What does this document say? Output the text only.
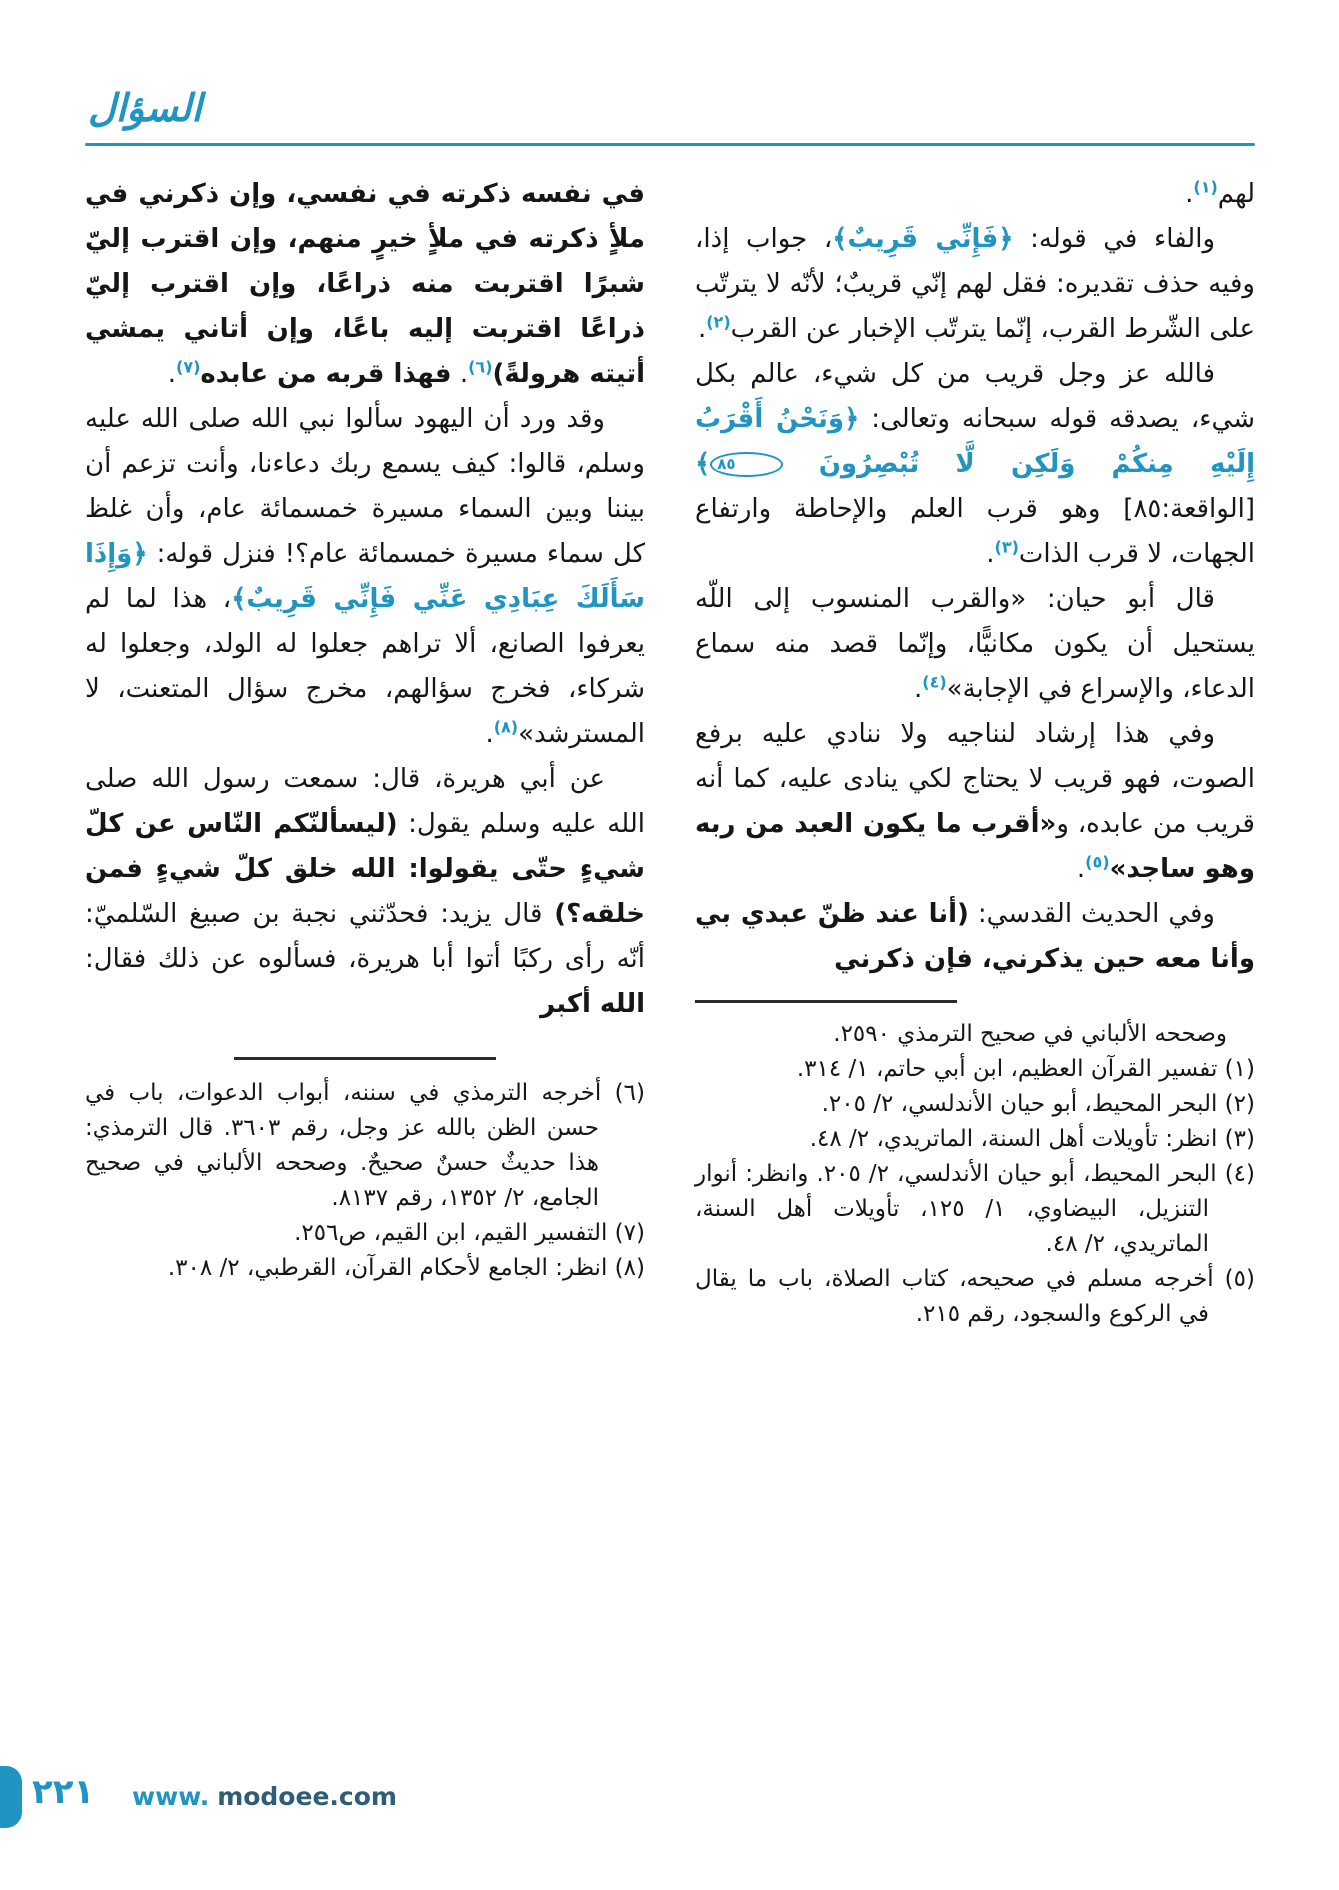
السؤال

لهم$^{(١)}$.

والفاء في قوله: ﴿فَإِنِّي قَرِيبٌ﴾، جواب إذا، وفيه حذف تقديره: فقل لهم إنّي قريبٌ؛ لأنّه لا يترتّب على الشّرط القرب، إنّما يترتّب الإخبار عن القرب$^{(٢)}$.

فالله عز وجل قريب من كل شيء، عالم بكل شيء، يصدقه قوله سبحانه وتعالى: ﴿وَنَحْنُ أَقْرَبُ إِلَيْهِ مِنكُمْ وَلَكِن لَّا تُبْصِرُونَ ٨٥﴾ [الواقعة:٨٥] وهو قرب العلم والإحاطة وارتفاع الجهات، لا قرب الذات$^{(٣)}$.

قال أبو حيان: «والقرب المنسوب إلى اللّه يستحيل أن يكون مكانيًّا، وإنّما قصد منه سماع الدعاء، والإسراع في الإجابة»$^{(٤)}$.

وفي هذا إرشاد لنناجيه ولا ننادي عليه برفع الصوت، فهو قريب لا يحتاج لكي ينادى عليه، كما أنه قريب من عابده، و«أقرب ما يكون العبد من ربه وهو ساجد»$^{(٥)}$.

وفي الحديث القدسي: (أنا عند ظنّ عبدي بي وأنا معه حين يذكرني، فإن ذكرني

وصححه الألباني في صحيح الترمذي ٢٥٩٠.
(١) تفسير القرآن العظيم، ابن أبي حاتم، ١/ ٣١٤.
(٢) البحر المحيط، أبو حيان الأندلسي، ٢/ ٢٠٥.
(٣) انظر: تأويلات أهل السنة، الماتريدي، ٢/ ٤٨.
(٤) البحر المحيط، أبو حيان الأندلسي، ٢/ ٢٠٥. وانظر: أنوار التنزيل، البيضاوي، ١/ ١٢٥، تأويلات أهل السنة، الماتريدي، ٢/ ٤٨.
(٥) أخرجه مسلم في صحيحه، كتاب الصلاة، باب ما يقال في الركوع والسجود، رقم ٢١٥.

في نفسه ذكرته في نفسي، وإن ذكرني في ملأٍ ذكرته في ملأٍ خيرٍ منهم، وإن اقترب إليّ شبرًا اقتربت منه ذراعًا، وإن اقترب إليّ ذراعًا اقتربت إليه باعًا، وإن أتاني يمشي أتيته هرولةً)$^{(٦)}$. فهذا قربه من عابده$^{(٧)}$.

وقد ورد أن اليهود سألوا نبي الله صلى الله عليه وسلم، قالوا: كيف يسمع ربك دعاءنا، وأنت تزعم أن بيننا وبين السماء مسيرة خمسمائة عام، وأن غلظ كل سماء مسيرة خمسمائة عام؟! فنزل قوله: ﴿وَإِذَا سَأَلَكَ عِبَادِي عَنِّي فَإِنِّي قَرِيبٌ﴾، هذا لما لم يعرفوا الصانع، ألا تراهم جعلوا له الولد، وجعلوا له شركاء، فخرج سؤالهم، مخرج سؤال المتعنت، لا المسترشد»$^{(٨)}$.

عن أبي هريرة، قال: سمعت رسول الله صلى الله عليه وسلم يقول: (ليسألنّكم النّاس عن كلّ شيءٍ حتّى يقولوا: الله خلق كلّ شيءٍ فمن خلقه؟) قال يزيد: فحدّثني نجبة بن صبيغ السّلميّ: أنّه رأى ركبًا أتوا أبا هريرة، فسألوه عن ذلك فقال: الله أكبر

(٦) أخرجه الترمذي في سننه، أبواب الدعوات، باب في حسن الظن بالله عز وجل، رقم ٣٦٠٣. قال الترمذي: هذا حديثٌ حسنٌ صحيحٌ. وصححه الألباني في صحيح الجامع، ٢/ ١٣٥٢، رقم ٨١٣٧.
(٧) التفسير القيم، ابن القيم، ص٢٥٦.
(٨) انظر: الجامع لأحكام القرآن، القرطبي، ٢/ ٣٠٨.
٢٢١ www. modoee.com
